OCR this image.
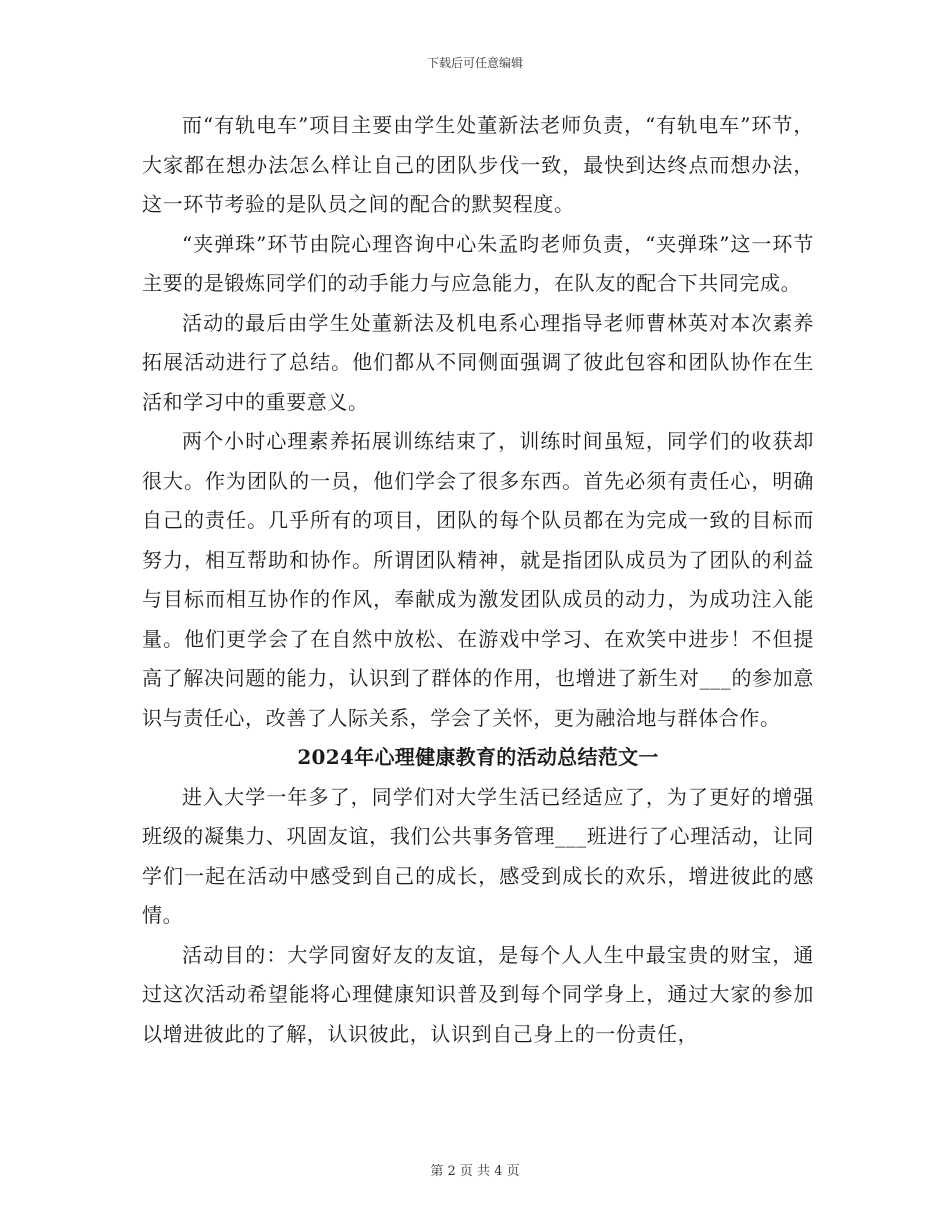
下载后可任意编辑

而“有轨电车”项目主要由学生处董新法老师负责，“有轨电车”环节，大家都在想办法怎么样让自己的团队步伐一致，最快到达终点而想办法，这一环节考验的是队员之间的配合的默契程度。

“夹弹珠”环节由院心理咨询中心朱孟昀老师负责，“夹弹珠”这一环节主要的是锻炼同学们的动手能力与应急能力，在队友的配合下共同完成。

活动的最后由学生处董新法及机电系心理指导老师曹林英对本次素养拓展活动进行了总结。他们都从不同侧面强调了彼此包容和团队协作在生活和学习中的重要意义。

两个小时心理素养拓展训练结束了，训练时间虽短，同学们的收获却很大。作为团队的一员，他们学会了很多东西。首先必须有责任心，明确自己的责任。几乎所有的项目，团队的每个队员都在为完成一致的目标而努力，相互帮助和协作。所谓团队精神，就是指团队成员为了团队的利益与目标而相互协作的作风，奉献成为激发团队成员的动力，为成功注入能量。他们更学会了在自然中放松、在游戏中学习、在欢笑中进步！不但提高了解决问题的能力，认识到了群体的作用，也增进了新生对___的参加意识与责任心，改善了人际关系，学会了关怀，更为融洽地与群体合作。

2024年心理健康教育的活动总结范文一

进入大学一年多了，同学们对大学生活已经适应了，为了更好的增强班级的凝集力、巩固友谊，我们公共事务管理___班进行了心理活动，让同学们一起在活动中感受到自己的成长，感受到成长的欢乐，增进彼此的感情。

活动目的：大学同窗好友的友谊，是每个人人生中最宝贵的财宝，通过这次活动希望能将心理健康知识普及到每个同学身上，通过大家的参加以增进彼此的了解，认识彼此，认识到自己身上的一份责任，

第 2 页 共 4 页
